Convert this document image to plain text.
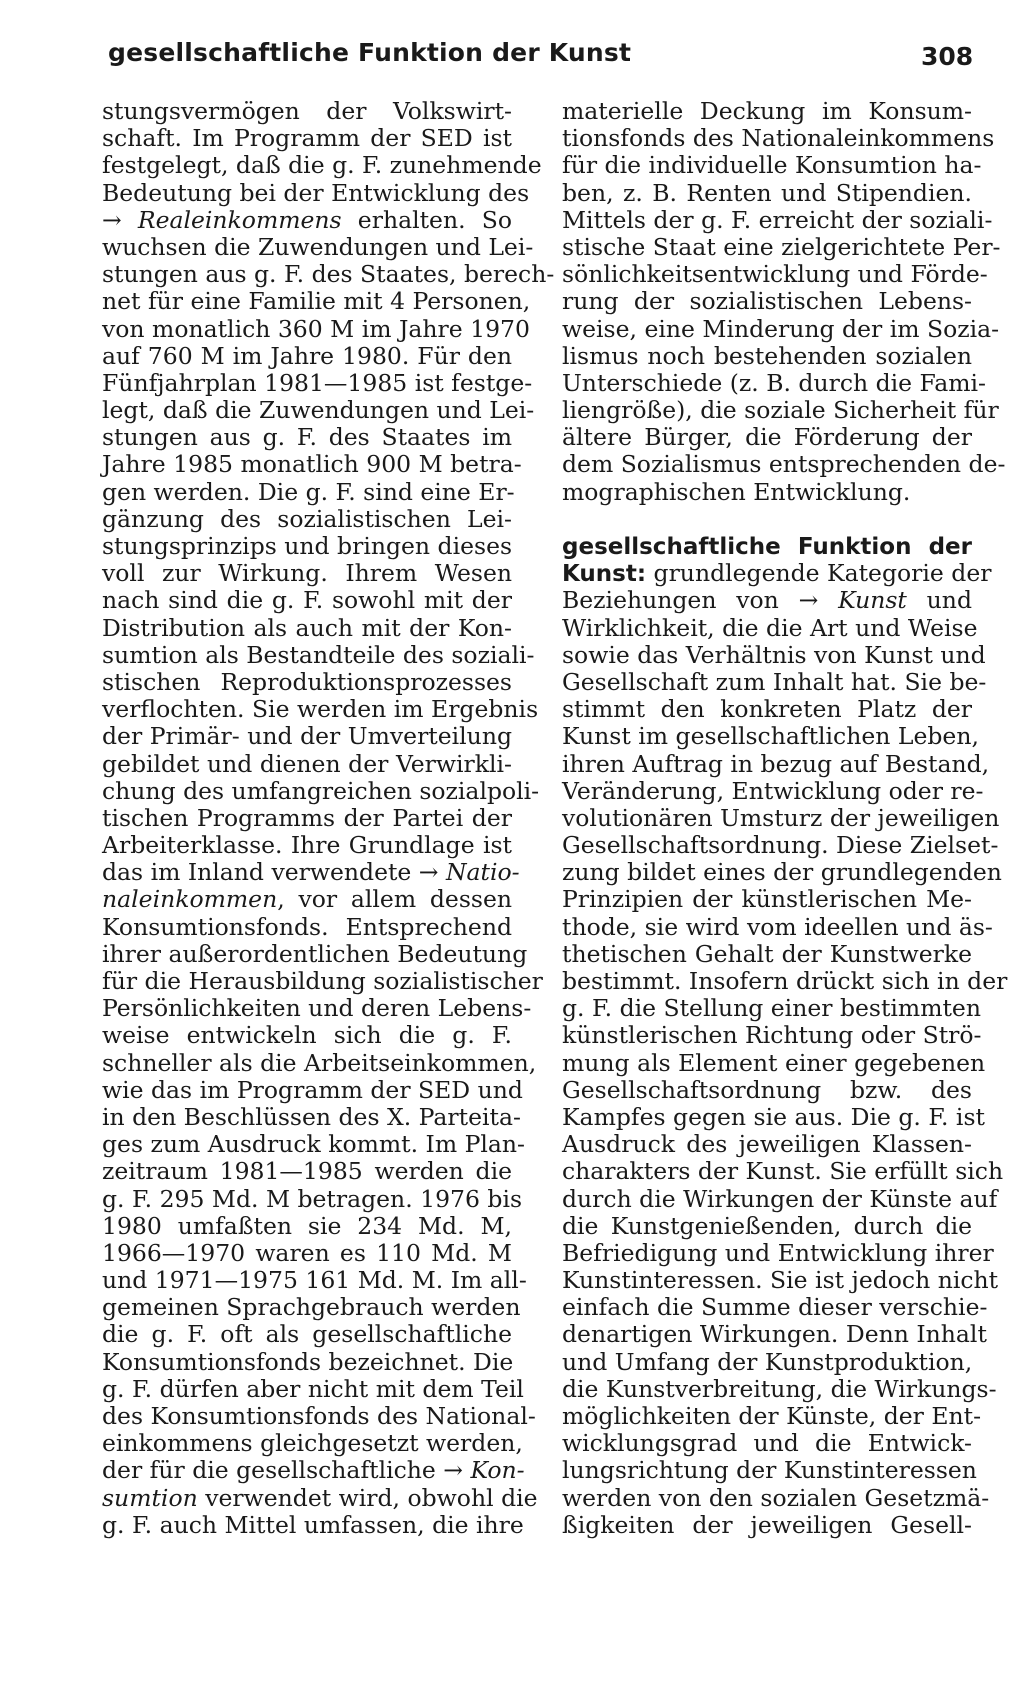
gesellschaftliche Funktion der Kunst	308
stungsvermögen der Volkswirt-
schaft. Im Programm der SED ist
festgelegt, daß die g. F. zunehmende
Bedeutung bei der Entwicklung des
→ Realeinkommens erhalten. So
wuchsen die Zuwendungen und Lei-
stungen aus g. F. des Staates, berech-
net für eine Familie mit 4 Personen,
von monatlich 360 M im Jahre 1970
auf 760 M im Jahre 1980. Für den
Fünfjahrplan 1981—1985 ist festge-
legt, daß die Zuwendungen und Lei-
stungen aus g. F. des Staates im
Jahre 1985 monatlich 900 M betra-
gen werden. Die g. F. sind eine Er-
gänzung des sozialistischen Lei-
stungsprinzips und bringen dieses
voll zur Wirkung. Ihrem Wesen
nach sind die g. F. sowohl mit der
Distribution als auch mit der Kon-
sumtion als Bestandteile des soziali-
stischen Reproduktionsprozesses
verflochten. Sie werden im Ergebnis
der Primär- und der Umverteilung
gebildet und dienen der Verwirkli-
chung des umfangreichen sozialpoli-
tischen Programms der Partei der
Arbeiterklasse. Ihre Grundlage ist
das im Inland verwendete → Natio-
naleinkommen, vor allem dessen
Konsumtionsfonds. Entsprechend
ihrer außerordentlichen Bedeutung
für die Herausbildung sozialistischer
Persönlichkeiten und deren Lebens-
weise entwickeln sich die g. F.
schneller als die Arbeitseinkommen,
wie das im Programm der SED und
in den Beschlüssen des X. Parteita-
ges zum Ausdruck kommt. Im Plan-
zeitraum 1981—1985 werden die
g. F. 295 Md. M betragen. 1976 bis
1980 umfaßten sie 234 Md. M,
1966—1970 waren es 110 Md. M
und 1971—1975 161 Md. M. Im all-
gemeinen Sprachgebrauch werden
die g. F. oft als gesellschaftliche
Konsumtionsfonds bezeichnet. Die
g. F. dürfen aber nicht mit dem Teil
des Konsumtionsfonds des National-
einkommens gleichgesetzt werden,
der für die gesellschaftliche → Kon-
sumtion verwendet wird, obwohl die
g. F. auch Mittel umfassen, die ihre
materielle Deckung im Konsum-
tionsfonds des Nationaleinkommens
für die individuelle Konsumtion ha-
ben, z. B. Renten und Stipendien.
Mittels der g. F. erreicht der soziali-
stische Staat eine zielgerichtete Per-
sönlichkeitsentwicklung und Förde-
rung der sozialistischen Lebens-
weise, eine Minderung der im Sozia-
lismus noch bestehenden sozialen
Unterschiede (z. B. durch die Fami-
liengröße), die soziale Sicherheit für
ältere Bürger, die Förderung der
dem Sozialismus entsprechenden de-
mographischen Entwicklung.
gesellschaftliche Funktion der
Kunst: grundlegende Kategorie der
Beziehungen von → Kunst und
Wirklichkeit, die die Art und Weise
sowie das Verhältnis von Kunst und
Gesellschaft zum Inhalt hat. Sie be-
stimmt den konkreten Platz der
Kunst im gesellschaftlichen Leben,
ihren Auftrag in bezug auf Bestand,
Veränderung, Entwicklung oder re-
volutionären Umsturz der jeweiligen
Gesellschaftsordnung. Diese Zielset-
zung bildet eines der grundlegenden
Prinzipien der künstlerischen Me-
thode, sie wird vom ideellen und äs-
thetischen Gehalt der Kunstwerke
bestimmt. Insofern drückt sich in der
g. F. die Stellung einer bestimmten
künstlerischen Richtung oder Strö-
mung als Element einer gegebenen
Gesellschaftsordnung bzw. des
Kampfes gegen sie aus. Die g. F. ist
Ausdruck des jeweiligen Klassen-
charakters der Kunst. Sie erfüllt sich
durch die Wirkungen der Künste auf
die Kunstgenießenden, durch die
Befriedigung und Entwicklung ihrer
Kunstinteressen. Sie ist jedoch nicht
einfach die Summe dieser verschie-
denartigen Wirkungen. Denn Inhalt
und Umfang der Kunstproduktion,
die Kunstverbreitung, die Wirkungs-
möglichkeiten der Künste, der Ent-
wicklungsgrad und die Entwick-
lungsrichtung der Kunstinteressen
werden von den sozialen Gesetzmä-
ßigkeiten der jeweiligen Gesell-
